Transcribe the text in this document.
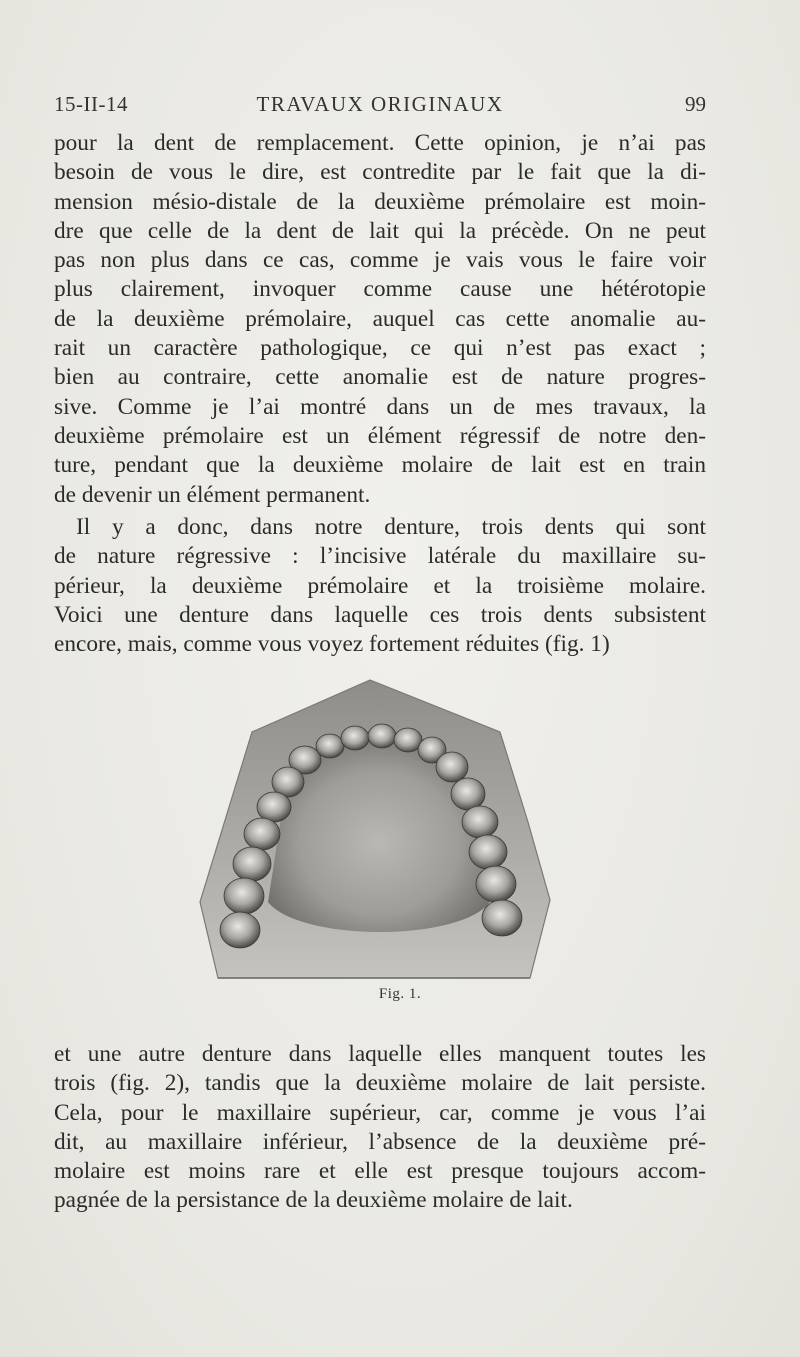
15-II-14	TRAVAUX ORIGINAUX	99
pour la dent de remplacement. Cette opinion, je n’ai pas
besoin de vous le dire, est contredite par le fait que la di-
mension mésio-distale de la deuxième prémolaire est moin-
dre que celle de la dent de lait qui la précède. On ne peut
pas non plus dans ce cas, comme je vais vous le faire voir
plus clairement, invoquer comme cause une hétérotopie
de la deuxième prémolaire, auquel cas cette anomalie au-
rait un caractère pathologique, ce qui n’est pas exact ;
bien au contraire, cette anomalie est de nature progres-
sive. Comme je l’ai montré dans un de mes travaux, la
deuxième prémolaire est un élément régressif de notre den-
ture, pendant que la deuxième molaire de lait est en train
de devenir un élément permanent.
Il y a donc, dans notre denture, trois dents qui sont
de nature régressive : l’incisive latérale du maxillaire su-
périeur, la deuxième prémolaire et la troisième molaire.
Voici une denture dans laquelle ces trois dents subsistent
encore, mais, comme vous voyez fortement réduites (fig. 1)
Fig. 1.
et une autre denture dans laquelle elles manquent toutes les
trois (fig. 2), tandis que la deuxième molaire de lait persiste.
Cela, pour le maxillaire supérieur, car, comme je vous l’ai
dit, au maxillaire inférieur, l’absence de la deuxième pré-
molaire est moins rare et elle est presque toujours accom-
pagnée de la persistance de la deuxième molaire de lait.
